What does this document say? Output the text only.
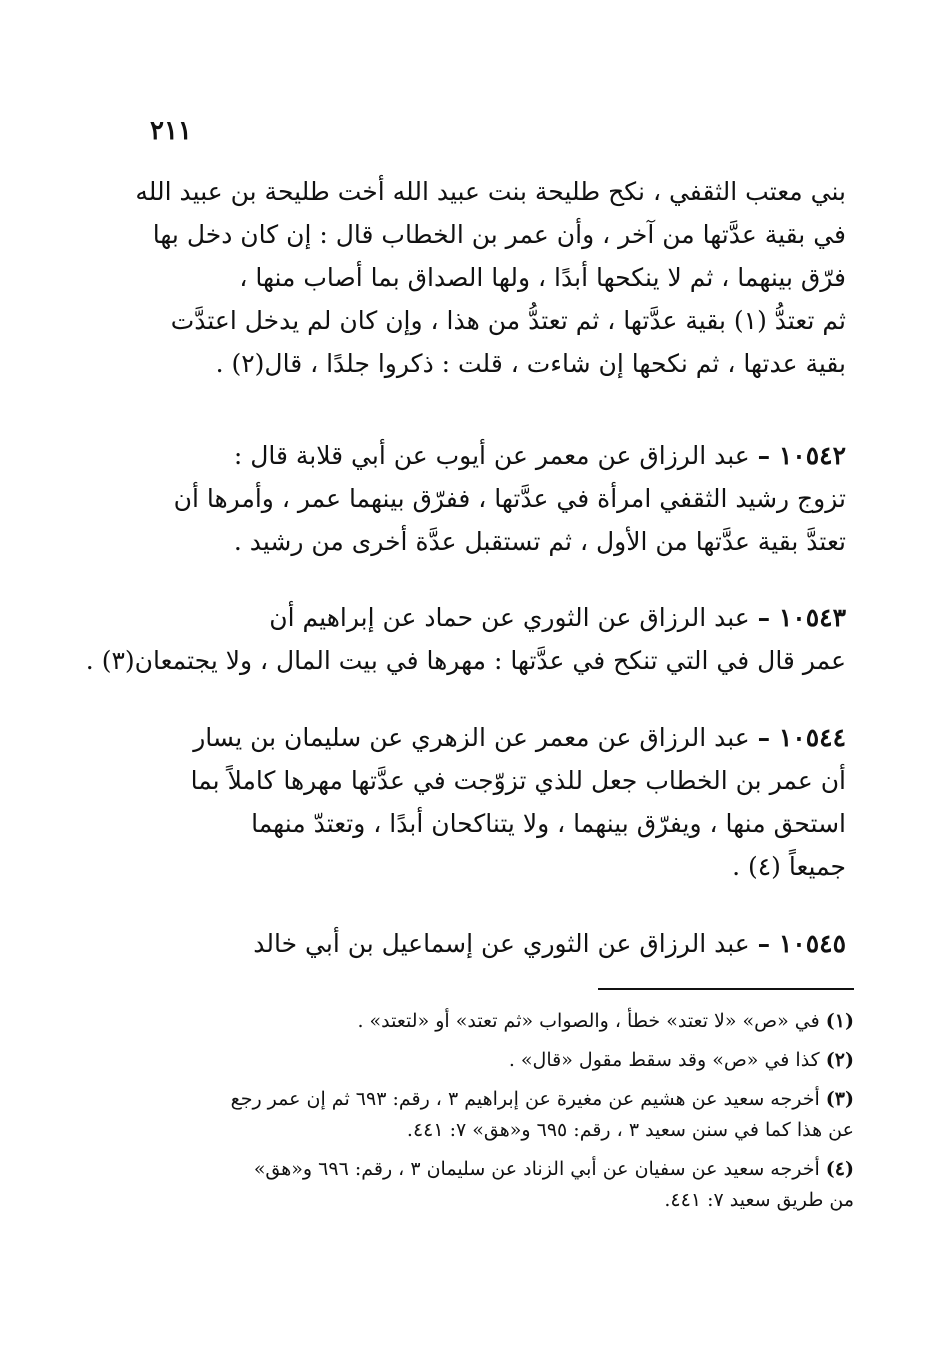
٢١١
بني معتب الثقفي ، نكح طليحة بنت عبيد الله أخت طليحة بن عبيد الله
في بقية عدَّتها من آخر ، وأن عمر بن الخطاب قال : إن كان دخل بها
فرّق بينهما ، ثم لا ينكحها أبدًا ، ولها الصداق بما أصاب منها ،
ثم تعتدُّ (١) بقية عدَّتها ، ثم تعتدُّ من هذا ، وإن كان لم يدخل اعتدَّت
بقية عدتها ، ثم نكحها إن شاءت ، قلت : ذكروا جلدًا ، قال(٢) .
١٠٥٤٢ – عبد الرزاق عن معمر عن أيوب عن أبي قلابة قال :
تزوج رشيد الثقفي امرأة في عدَّتها ، ففرّق بينهما عمر ، وأمرها أن
تعتدَّ بقية عدَّتها من الأول ، ثم تستقبل عدَّة أخرى من رشيد .
١٠٥٤٣ – عبد الرزاق عن الثوري عن حماد عن إبراهيم أن
عمر قال في التي تنكح في عدَّتها : مهرها في بيت المال ، ولا يجتمعان(٣) .
١٠٥٤٤ – عبد الرزاق عن معمر عن الزهري عن سليمان بن يسار
أن عمر بن الخطاب جعل للذي تزوّجت في عدَّتها مهرها كاملاً بما
استحق منها ، ويفرّق بينهما ، ولا يتناكحان أبدًا ، وتعتدّ منهما
جميعاً (٤) .
١٠٥٤٥ – عبد الرزاق عن الثوري عن إسماعيل بن أبي خالد
(١) في «ص» «لا تعتد» خطأ ، والصواب «ثم تعتد» أو «لتعتد» .
(٢) كذا في «ص» وقد سقط مقول «قال» .
(٣) أخرجه سعيد عن هشيم عن مغيرة عن إبراهيم ٣ ، رقم: ٦٩٣ ثم إن عمر رجع
عن هذا كما في سنن سعيد ٣ ، رقم: ٦٩٥ و«هق» ٧: ٤٤١.
(٤) أخرجه سعيد عن سفيان عن أبي الزناد عن سليمان ٣ ، رقم: ٦٩٦ و«هق»
من طريق سعيد ٧: ٤٤١.
